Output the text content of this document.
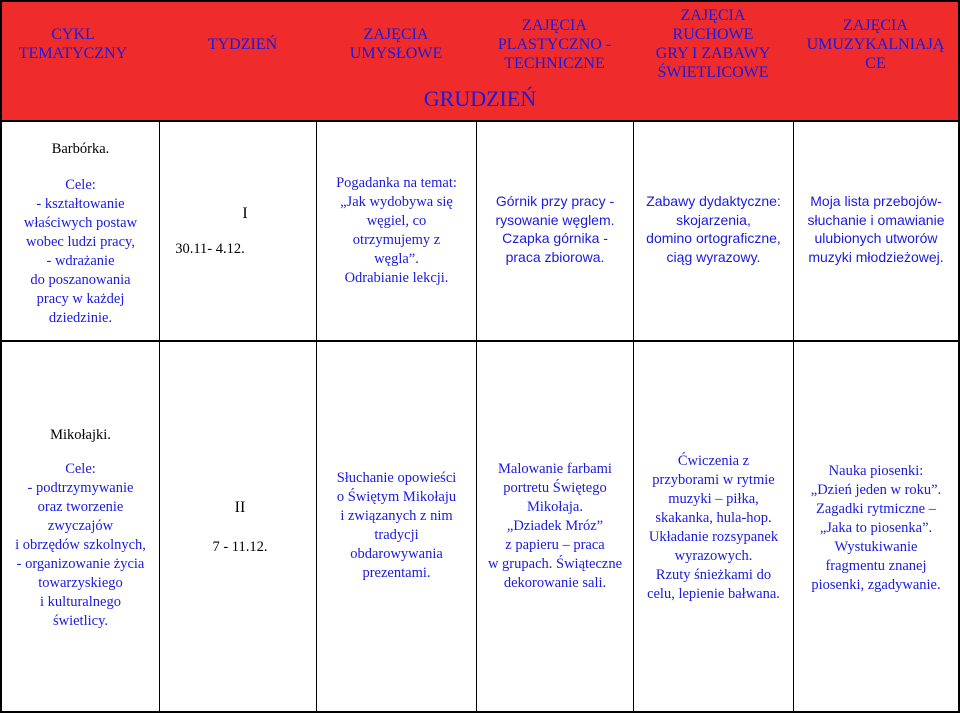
CYKL
TEMATYCZNY
TYDZIEŃ
ZAJĘCIA
UMYSŁOWE
ZAJĘCIA
PLASTYCZNO -
TECHNICZNE
ZAJĘCIA
RUCHOWE
GRY I ZABAWY
ŚWIETLICOWE
ZAJĘCIA
UMUZYKALNIAJĄ
CE
GRUDZIEŃ
Barbórka.
Cele:
- kształtowanie
właściwych postaw
wobec ludzi pracy,
- wdrażanie
do poszanowania
pracy w każdej
dziedzinie.
I
30.11- 4.12.
Pogadanka na temat:
„Jak wydobywa się
węgiel, co
otrzymujemy z
węgla”.
Odrabianie lekcji.
Górnik przy pracy -
rysowanie węglem.
Czapka górnika -
praca zbiorowa.
Zabawy dydaktyczne:
skojarzenia,
domino ortograficzne,
ciąg wyrazowy.
Moja lista przebojów-
słuchanie i omawianie
ulubionych utworów
muzyki młodzieżowej.
Mikołajki.
Cele:
- podtrzymywanie
oraz tworzenie
zwyczajów
i obrzędów szkolnych,
- organizowanie życia
towarzyskiego
i kulturalnego
świetlicy.
II
7 - 11.12.
Słuchanie opowieści
o Świętym Mikołaju
i związanych z nim
tradycji
obdarowywania
prezentami.
Malowanie farbami
portretu Świętego
Mikołaja.
„Dziadek Mróz”
z papieru – praca
w grupach. Świąteczne
dekorowanie sali.
Ćwiczenia z
przyborami w rytmie
muzyki – piłka,
skakanka, hula-hop.
Układanie rozsypanek
wyrazowych.
Rzuty śnieżkami do
celu, lepienie bałwana.
Nauka piosenki:
„Dzień jeden w roku”.
Zagadki rytmiczne –
„Jaka to piosenka”.
Wystukiwanie
fragmentu znanej
piosenki, zgadywanie.
